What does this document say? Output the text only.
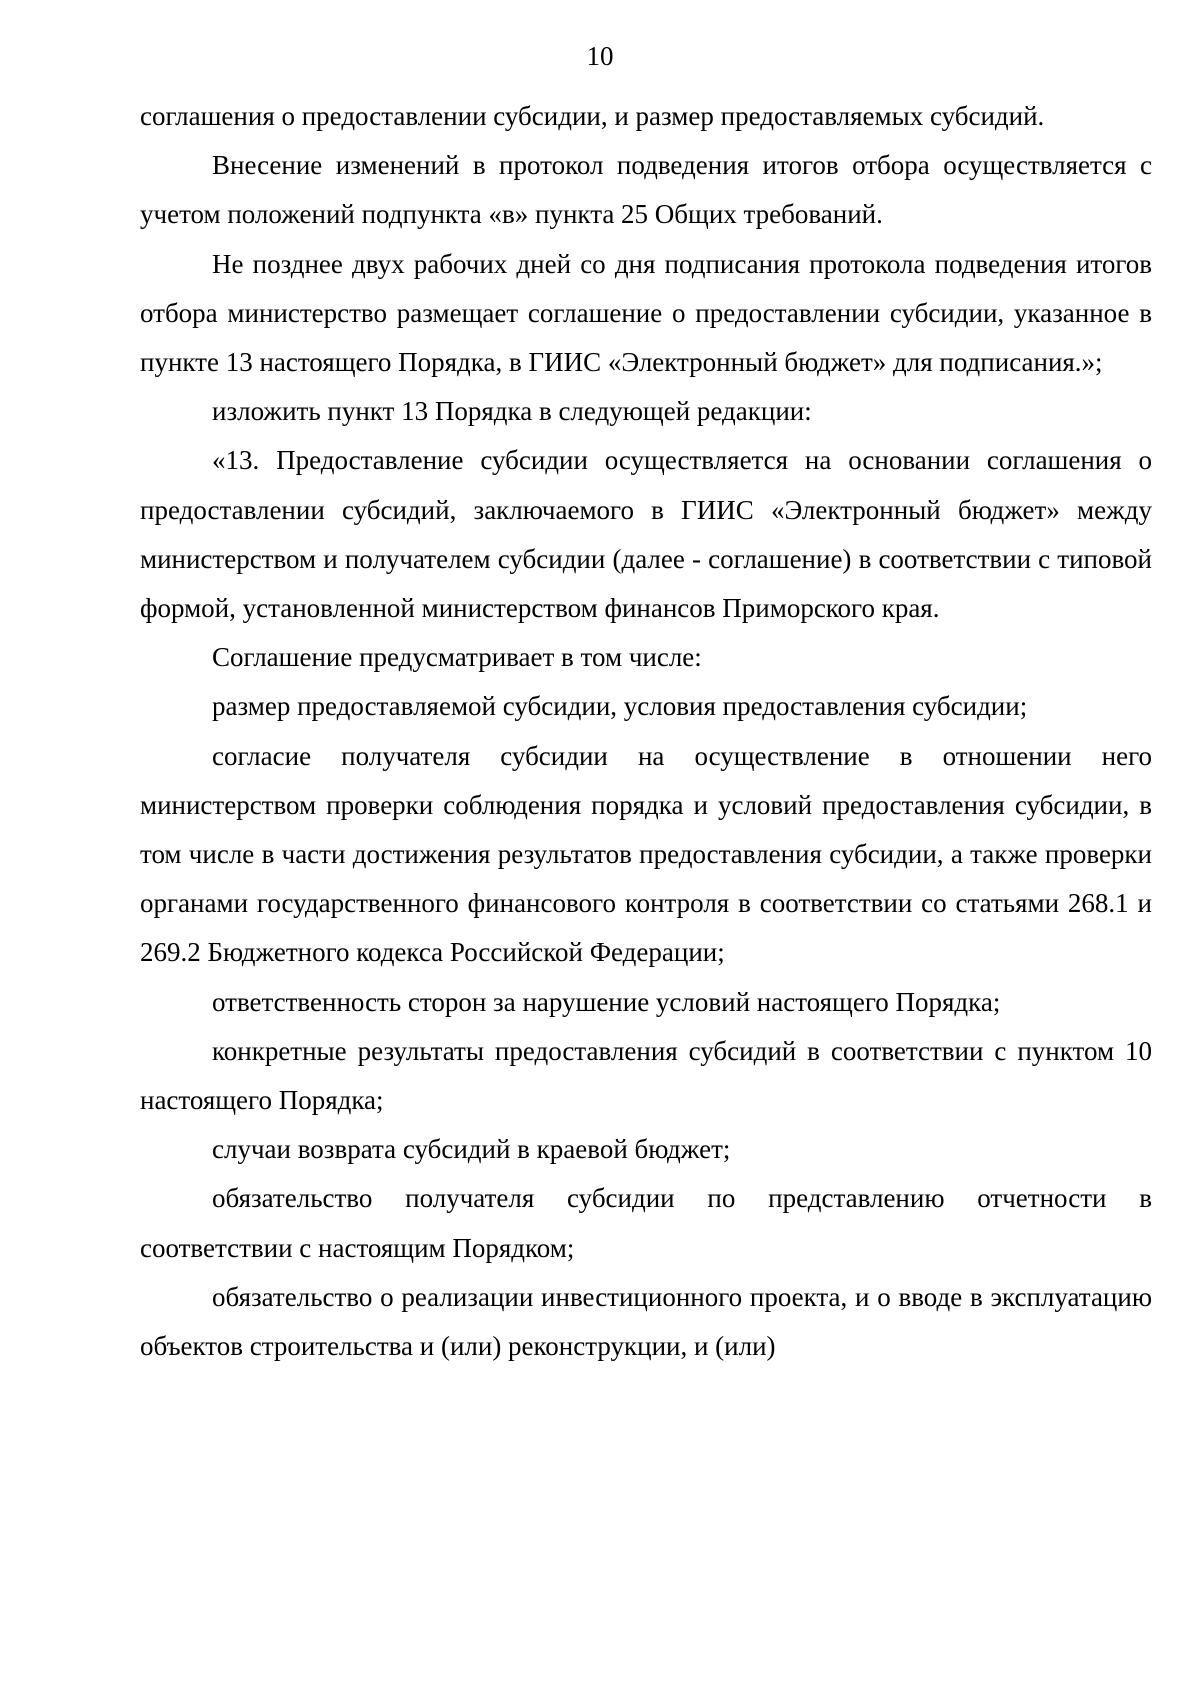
10

соглашения о предоставлении субсидии, и размер предоставляемых субсидий.

Внесение изменений в протокол подведения итогов отбора осуществляется с учетом положений подпункта «в» пункта 25 Общих требований.

Не позднее двух рабочих дней со дня подписания протокола подведения итогов отбора министерство размещает соглашение о предоставлении субсидии, указанное в пункте 13 настоящего Порядка, в ГИИС «Электронный бюджет» для подписания.»;

изложить пункт 13 Порядка в следующей редакции:

«13. Предоставление субсидии осуществляется на основании соглашения о предоставлении субсидий, заключаемого в ГИИС «Электронный бюджет» между министерством и получателем субсидии (далее - соглашение) в соответствии с типовой формой, установленной министерством финансов Приморского края.

Соглашение предусматривает в том числе:

размер предоставляемой субсидии, условия предоставления субсидии;

согласие получателя субсидии на осуществление в отношении него министерством проверки соблюдения порядка и условий предоставления субсидии, в том числе в части достижения результатов предоставления субсидии, а также проверки органами государственного финансового контроля в соответствии со статьями 268.1 и 269.2 Бюджетного кодекса Российской Федерации;

ответственность сторон за нарушение условий настоящего Порядка;

конкретные результаты предоставления субсидий в соответствии с пунктом 10 настоящего Порядка;

случаи возврата субсидий в краевой бюджет;

обязательство получателя субсидии по представлению отчетности в соответствии с настоящим Порядком;

обязательство о реализации инвестиционного проекта, и о вводе в эксплуатацию объектов строительства и (или) реконструкции, и (или)
